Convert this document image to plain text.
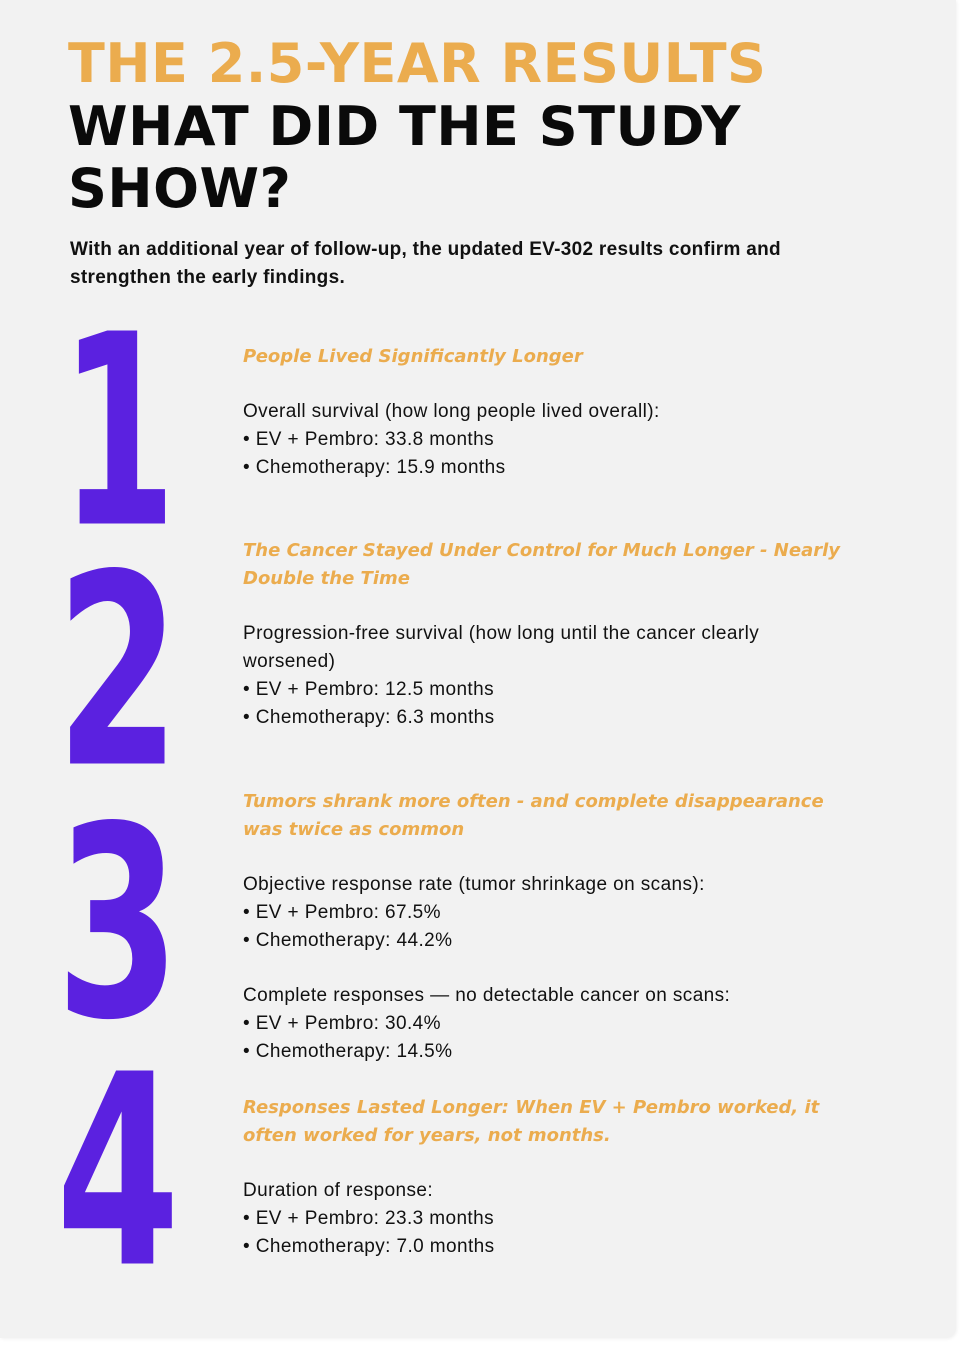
THE 2.5-YEAR RESULTS
WHAT DID THE STUDY SHOW?
With an additional year of follow-up, the updated EV-302 results confirm and strengthen the early findings.
1
2
3
4
People Lived Significantly Longer
Overall survival (how long people lived overall):
• EV + Pembro: 33.8 months
• Chemotherapy: 15.9 months
The Cancer Stayed Under Control for Much Longer - Nearly Double the Time
Progression-free survival (how long until the cancer clearly worsened)
• EV + Pembro: 12.5 months
• Chemotherapy: 6.3 months
Tumors shrank more often - and complete disappearance was twice as common
Objective response rate (tumor shrinkage on scans):
• EV + Pembro: 67.5%
• Chemotherapy: 44.2%
Complete responses — no detectable cancer on scans:
• EV + Pembro: 30.4%
• Chemotherapy: 14.5%
Responses Lasted Longer: When EV + Pembro worked, it often worked for years, not months.
Duration of response:
• EV + Pembro: 23.3 months
• Chemotherapy: 7.0 months
